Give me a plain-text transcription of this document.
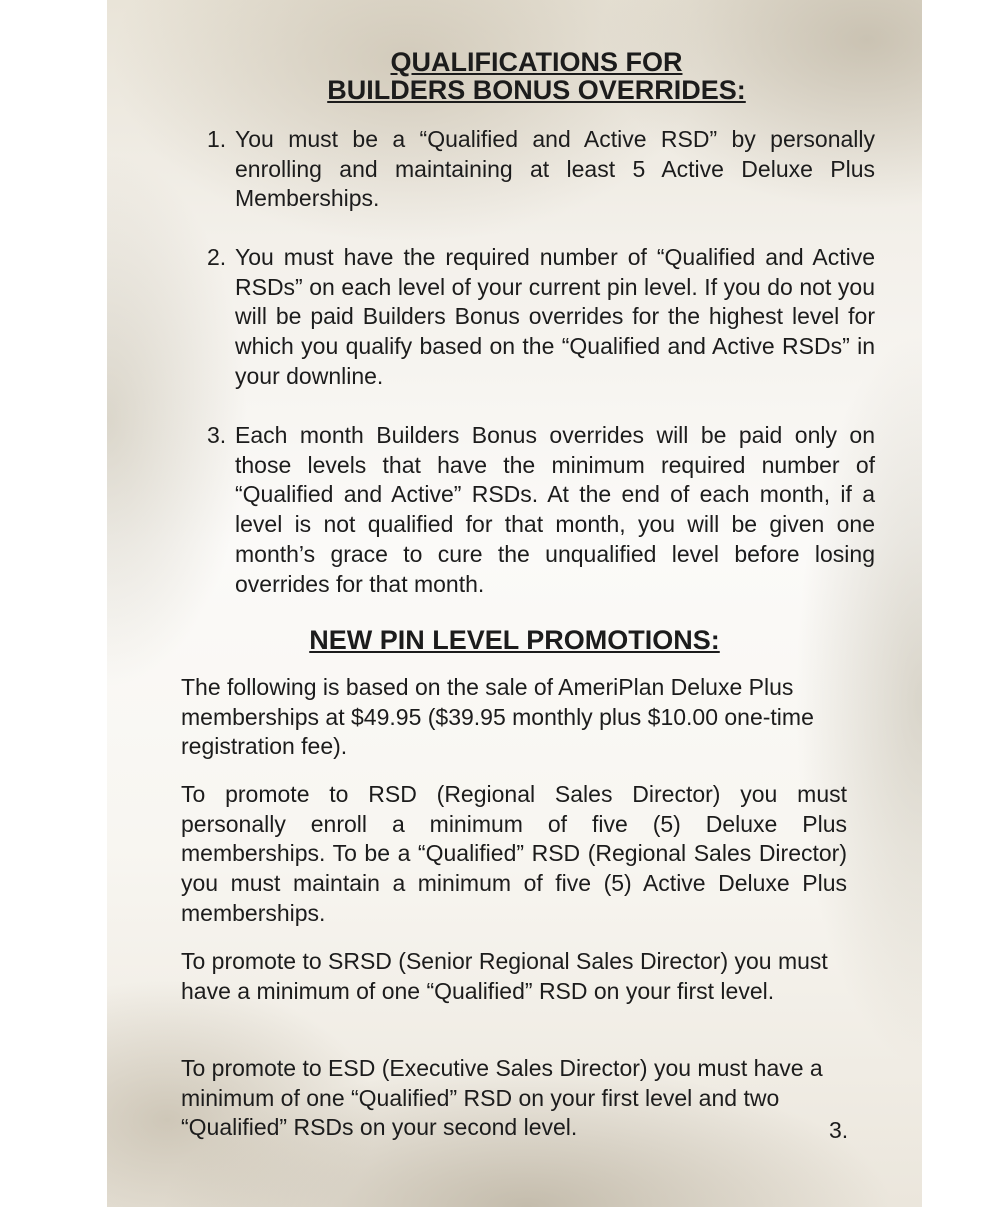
QUALIFICATIONS FOR
BUILDERS BONUS OVERRIDES:
1. You must be a “Qualified and Active RSD” by personally enrolling and maintaining at least 5 Active Deluxe Plus Memberships.
2. You must have the required number of “Qualified and Active RSDs” on each level of your current pin level. If you do not you will be paid Builders Bonus overrides for the highest level for which you qualify based on the “Qualified and Active RSDs” in your downline.
3. Each month Builders Bonus overrides will be paid only on those levels that have the minimum required number of “Qualified and Active” RSDs. At the end of each month, if a level is not qualified for that month, you will be given one month’s grace to cure the unqualified level before losing overrides for that month.
NEW PIN LEVEL PROMOTIONS:

The following is based on the sale of AmeriPlan Deluxe Plus memberships at $49.95 ($39.95 monthly plus $10.00 one-time registration fee).

To promote to RSD (Regional Sales Director) you must personally enroll a minimum of five (5) Deluxe Plus memberships. To be a “Qualified” RSD (Regional Sales Director) you must maintain a minimum of five (5) Active Deluxe Plus memberships.

To promote to SRSD (Senior Regional Sales Director) you must have a minimum of one “Qualified” RSD on your first level.

To promote to ESD (Executive Sales Director) you must have a minimum of one “Qualified” RSD on your first level and two “Qualified” RSDs on your second level.	3.
